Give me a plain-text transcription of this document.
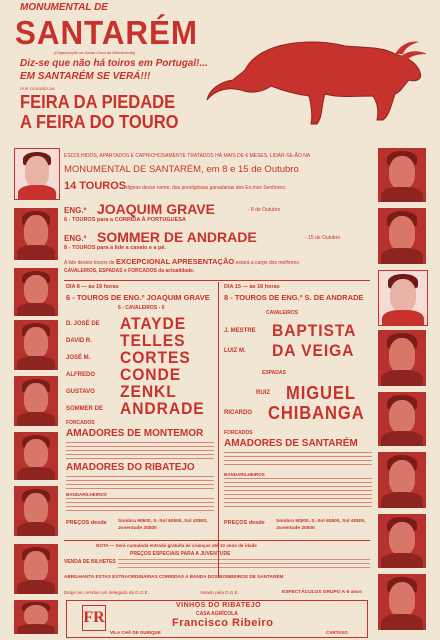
MONUMENTAL DE
SANTARÉM
(Organização da Santa Casa da Misericórdia)
Diz-se que não há toiros em Portugal!...
EM SANTARÉM SE VERÁ!!!
POR OCASIÃO DA
FEIRA DA PIEDADE
A FEIRA DO TOURO
ESCOLHIDOS, APARTADOS E CAPRICHOSAMENTE TRATADOS HÁ MAIS DE 6 MESES, LIDAR-SE-ÃO NA
MONUMENTAL DE SANTARÉM, em 8 e 15 de Outubro
14 TOUROS dignos desse nome, das prestigiosas ganadarias dos Ex.mos Senhores:
ENG.º JOAQUIM GRAVE	- 8 de Outubro
6 - TOUROS para a CORRIDA À PORTUGUESA
ENG.º SOMMER DE ANDRADE	- 15 de Outubro
8 - TOUROS para a lide a cavalo e a pé.
A lide destes touros de EXCEPCIONAL APRESENTAÇÃO estará a cargo dos melhores
CAVALEIROS, ESPADAS e FORCADOS da actualidade.
DIA 8 — às 16 horas
6 - TOUROS DE ENG.º JOAQUIM GRAVE
6 - CAVALEIROS - 6
D. JOSÉ DE ATAYDE
DAVID R. TELLES
JOSÉ M. CORTES
ALFREDO CONDE
GUSTAVO ZENKL
SOMMER DE ANDRADE
FORCADOS
AMADORES DE MONTEMOR
AMADORES DO RIBATEJO
BANDARILHEIROS
PREÇOS desde Sombra 90$00, S.-Sol 60$00, Sol 40$00, Juventude 20$00
DIA 15 — às 16 horas
8 - TOUROS DE ENG.º S. DE ANDRADE
CAVALEIROS
J. MESTRE BAPTISTA
LUIZ M. DA VEIGA
ESPADAS
RUIZ MIGUEL
RICARDO CHIBANGA
FORCADOS
AMADORES DE SANTARÉM
BANDARILHEIROS
PREÇOS desde Sombra 90$00, S.-Sol 60$00, Sol 40$00, Juventude 20$00
NOTA — Será cumulada entrada gratuita às crianças até 10 anos de idade
PREÇOS ESPECIAIS PARA A JUVENTUDE
VENDA DE BILHETES
ABRILHANTA ESTAS EXTRAORDINÁRIAS CORRIDAS A BANDA DOS BOMBEIROS DE SANTARÉM
Dirige as corridas um delegado da D.G.E.	Visado pela D.G.E.	ESPECTÁCULOS GRUPO A-5 anos
FR
VINHOS DO RIBATEJO
CASA AGRÍCOLA
Francisco Ribeiro
VILA CHÃ DE OURIQUE	CARTAXO
